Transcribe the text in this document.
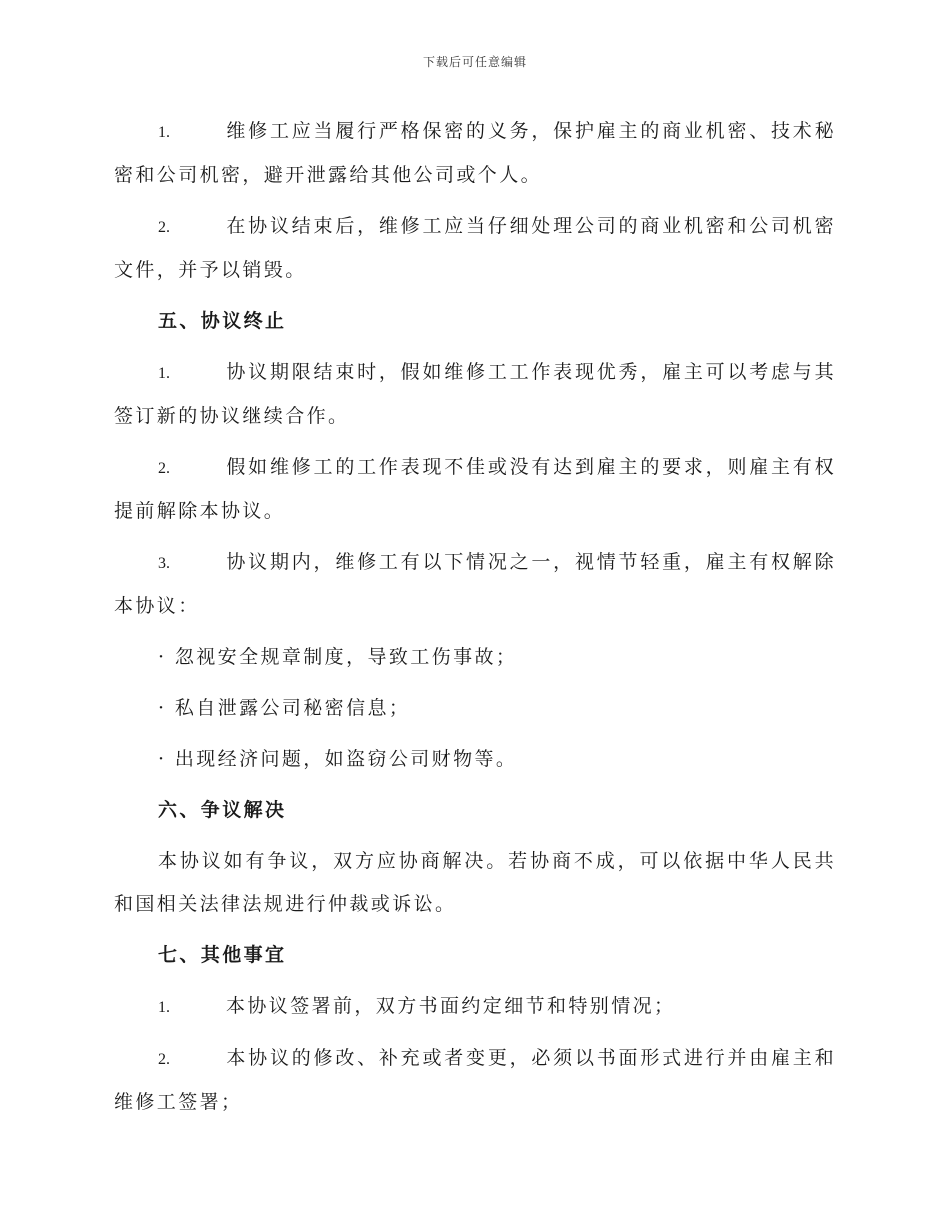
下载后可任意编辑

1.	维修工应当履行严格保密的义务，保护雇主的商业机密、技术秘密和公司机密，避开泄露给其他公司或个人。

2.	在协议结束后，维修工应当仔细处理公司的商业机密和公司机密文件，并予以销毁。

五、协议终止

1.	协议期限结束时，假如维修工工作表现优秀，雇主可以考虑与其签订新的协议继续合作。

2.	假如维修工的工作表现不佳或没有达到雇主的要求，则雇主有权提前解除本协议。

3.	协议期内，维修工有以下情况之一，视情节轻重，雇主有权解除本协议：

· 忽视安全规章制度，导致工伤事故；
· 私自泄露公司秘密信息；
· 出现经济问题，如盗窃公司财物等。
六、争议解决

本协议如有争议，双方应协商解决。若协商不成，可以依据中华人民共和国相关法律法规进行仲裁或诉讼。

七、其他事宜

1.	本协议签署前，双方书面约定细节和特别情况；

2.	本协议的修改、补充或者变更，必须以书面形式进行并由雇主和维修工签署；
